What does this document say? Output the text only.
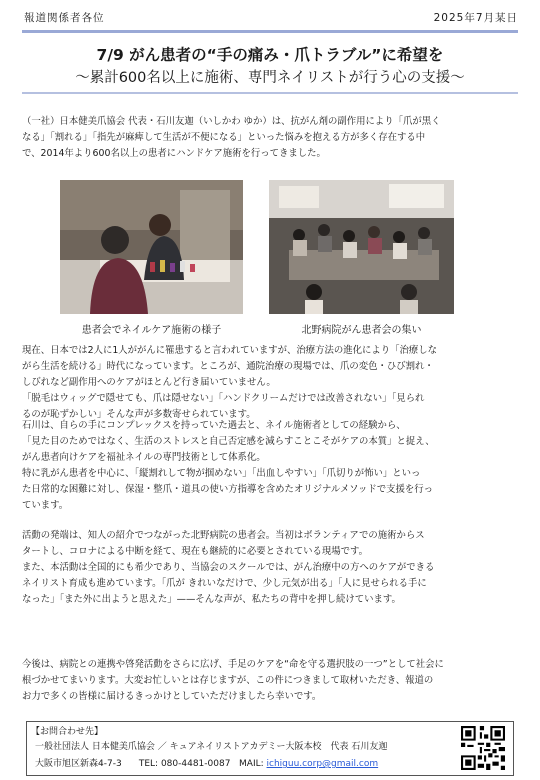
報道関係者各位	2025年7月某日
7/9 がん患者の“手の痛み・爪トラブル”に希望を
〜累計600名以上に施術、専門ネイリストが行う心の支援〜
（一社）日本健美爪協会 代表・石川友迦（いしかわ ゆか）は、抗がん剤の副作用により「爪が黒く
なる」「割れる」「指先が麻痺して生活が不便になる」といった悩みを抱える方が多く存在する中
で、2014年より600名以上の患者にハンドケア施術を行ってきました。
患者会でネイルケア施術の様子	北野病院がん患者会の集い
現在、日本では2人に1人ががんに罹患すると言われていますが、治療方法の進化により「治療しな
がら生活を続ける」時代になっています。ところが、通院治療の現場では、爪の変色・ひび割れ・
しびれなど副作用へのケアがほとんど行き届いていません。
「脱毛はウィッグで隠せても、爪は隠せない」「ハンドクリームだけでは改善されない」「見られ
るのが恥ずかしい」そんな声が多数寄せられています。
石川は、自らの手にコンプレックスを持っていた過去と、ネイル施術者としての経験から、
「見た目のためではなく、生活のストレスと自己否定感を減らすことこそがケアの本質」と捉え、
がん患者向けケアを福祉ネイルの専門技術として体系化。
特に乳がん患者を中心に、「縦割れして物が掴めない」「出血しやすい」「爪切りが怖い」といっ
た日常的な困難に対し、保湿・整爪・道具の使い方指導を含めたオリジナルメソッドで支援を行っ
ています。
活動の発端は、知人の紹介でつながった北野病院の患者会。当初はボランティアでの施術からス
タートし、コロナによる中断を経て、現在も継続的に必要とされている現場です。
また、本活動は全国的にも希少であり、当協会のスクールでは、がん治療中の方へのケアができる
ネイリスト育成も進めています。「爪が きれいなだけで、少し元気が出る」「人に見せられる手に
なった」「また外に出ようと思えた」——そんな声が、私たちの背中を押し続けています。
今後は、病院との連携や啓発活動をさらに広げ、手足のケアを“命を守る選択肢の一つ”として社会に
根づかせてまいります。大変お忙しいとは存じますが、この件につきまして取材いただき、報道の
お力で多くの皆様に届けるきっかけとしていただけましたら幸いです。
【お問合わせ先】
一般社団法人 日本健美爪協会 ／ キュアネイリストアカデミー大阪本校　代表 石川友迦
大阪市旭区新森4-7-3 TEL: 080-4481-0087 MAIL: ichiguu.corp@gmail.com
